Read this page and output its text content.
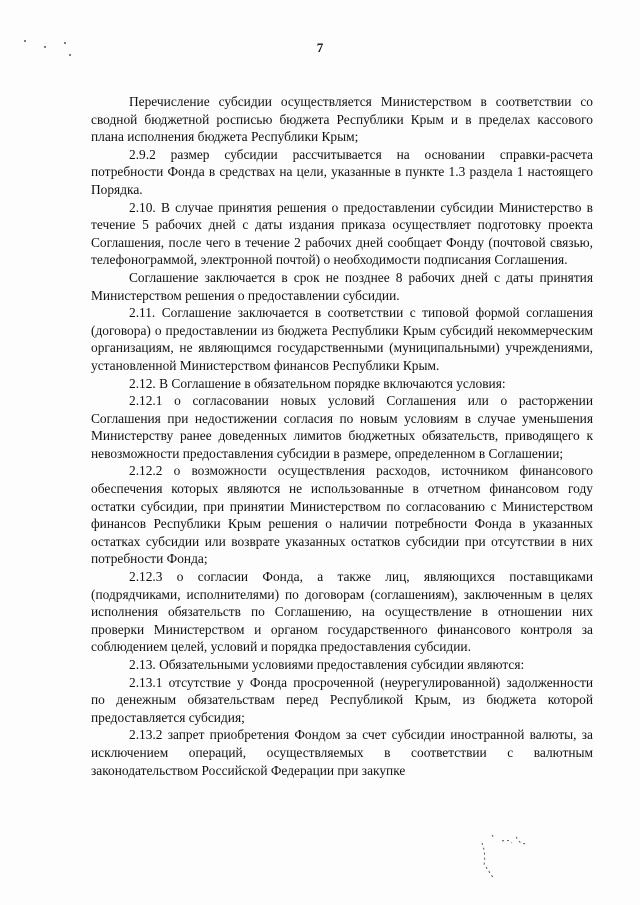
7

Перечисление субсидии осуществляется Министерством в соответствии со сводной бюджетной росписью бюджета Республики Крым и в пределах кассового плана исполнения бюджета Республики Крым;

2.9.2 размер субсидии рассчитывается на основании справки-расчета потребности Фонда в средствах на цели, указанные в пункте 1.3 раздела 1 настоящего Порядка.

2.10. В случае принятия решения о предоставлении субсидии Министерство в течение 5 рабочих дней с даты издания приказа осуществляет подготовку проекта Соглашения, после чего в течение 2 рабочих дней сообщает Фонду (почтовой связью, телефонограммой, электронной почтой) о необходимости подписания Соглашения.

Соглашение заключается в срок не позднее 8 рабочих дней с даты принятия Министерством решения о предоставлении субсидии.

2.11. Соглашение заключается в соответствии с типовой формой соглашения (договора) о предоставлении из бюджета Республики Крым субсидий некоммерческим организациям, не являющимся государственными (муниципальными) учреждениями, установленной Министерством финансов Республики Крым.

2.12. В Соглашение в обязательном порядке включаются условия:

2.12.1 о согласовании новых условий Соглашения или о расторжении Соглашения при недостижении согласия по новым условиям в случае уменьшения Министерству ранее доведенных лимитов бюджетных обязательств, приводящего к невозможности предоставления субсидии в размере, определенном в Соглашении;

2.12.2 о возможности осуществления расходов, источником финансового обеспечения которых являются не использованные в отчетном финансовом году остатки субсидии, при принятии Министерством по согласованию с Министерством финансов Республики Крым решения о наличии потребности Фонда в указанных остатках субсидии или возврате указанных остатков субсидии при отсутствии в них потребности Фонда;

2.12.3 о согласии Фонда, а также лиц, являющихся поставщиками (подрядчиками, исполнителями) по договорам (соглашениям), заключенным в целях исполнения обязательств по Соглашению, на осуществление в отношении них проверки Министерством и органом государственного финансового контроля за соблюдением целей, условий и порядка предоставления субсидии.

2.13. Обязательными условиями предоставления субсидии являются:

2.13.1 отсутствие у Фонда просроченной (неурегулированной) задолженности по денежным обязательствам перед Республикой Крым, из бюджета которой предоставляется субсидия;

2.13.2 запрет приобретения Фондом за счет субсидии иностранной валюты, за исключением операций, осуществляемых в соответствии с валютным законодательством Российской Федерации при закупке
